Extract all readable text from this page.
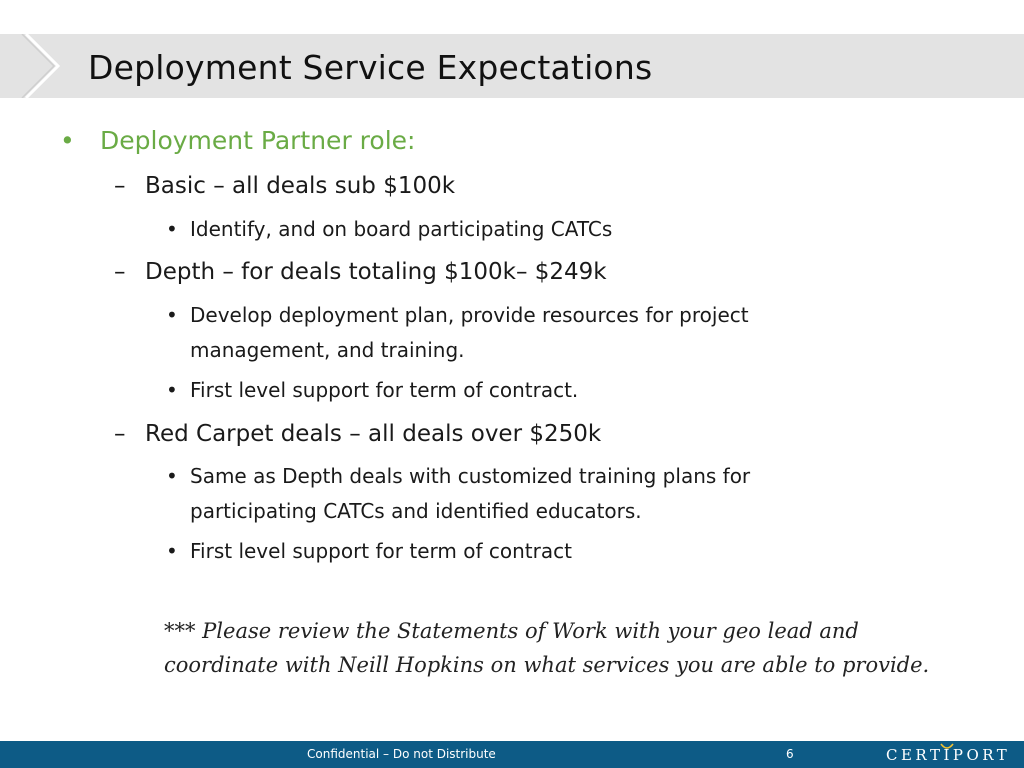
Deployment Service Expectations
• Deployment Partner role:
– Basic – all deals sub $100k
• Identify, and on board participating CATCs
– Depth – for deals totaling $100k– $249k
• Develop deployment plan, provide resources for project
management, and training.
• First level support for term of contract.
– Red Carpet deals – all deals over $250k
• Same as Depth deals with customized training plans for
participating CATCs and identified educators.
• First level support for term of contract
*** Please review the Statements of Work with your geo lead and
coordinate with Neill Hopkins on what services you are able to provide.
Confidential – Do not Distribute	6	CERTIPORT
